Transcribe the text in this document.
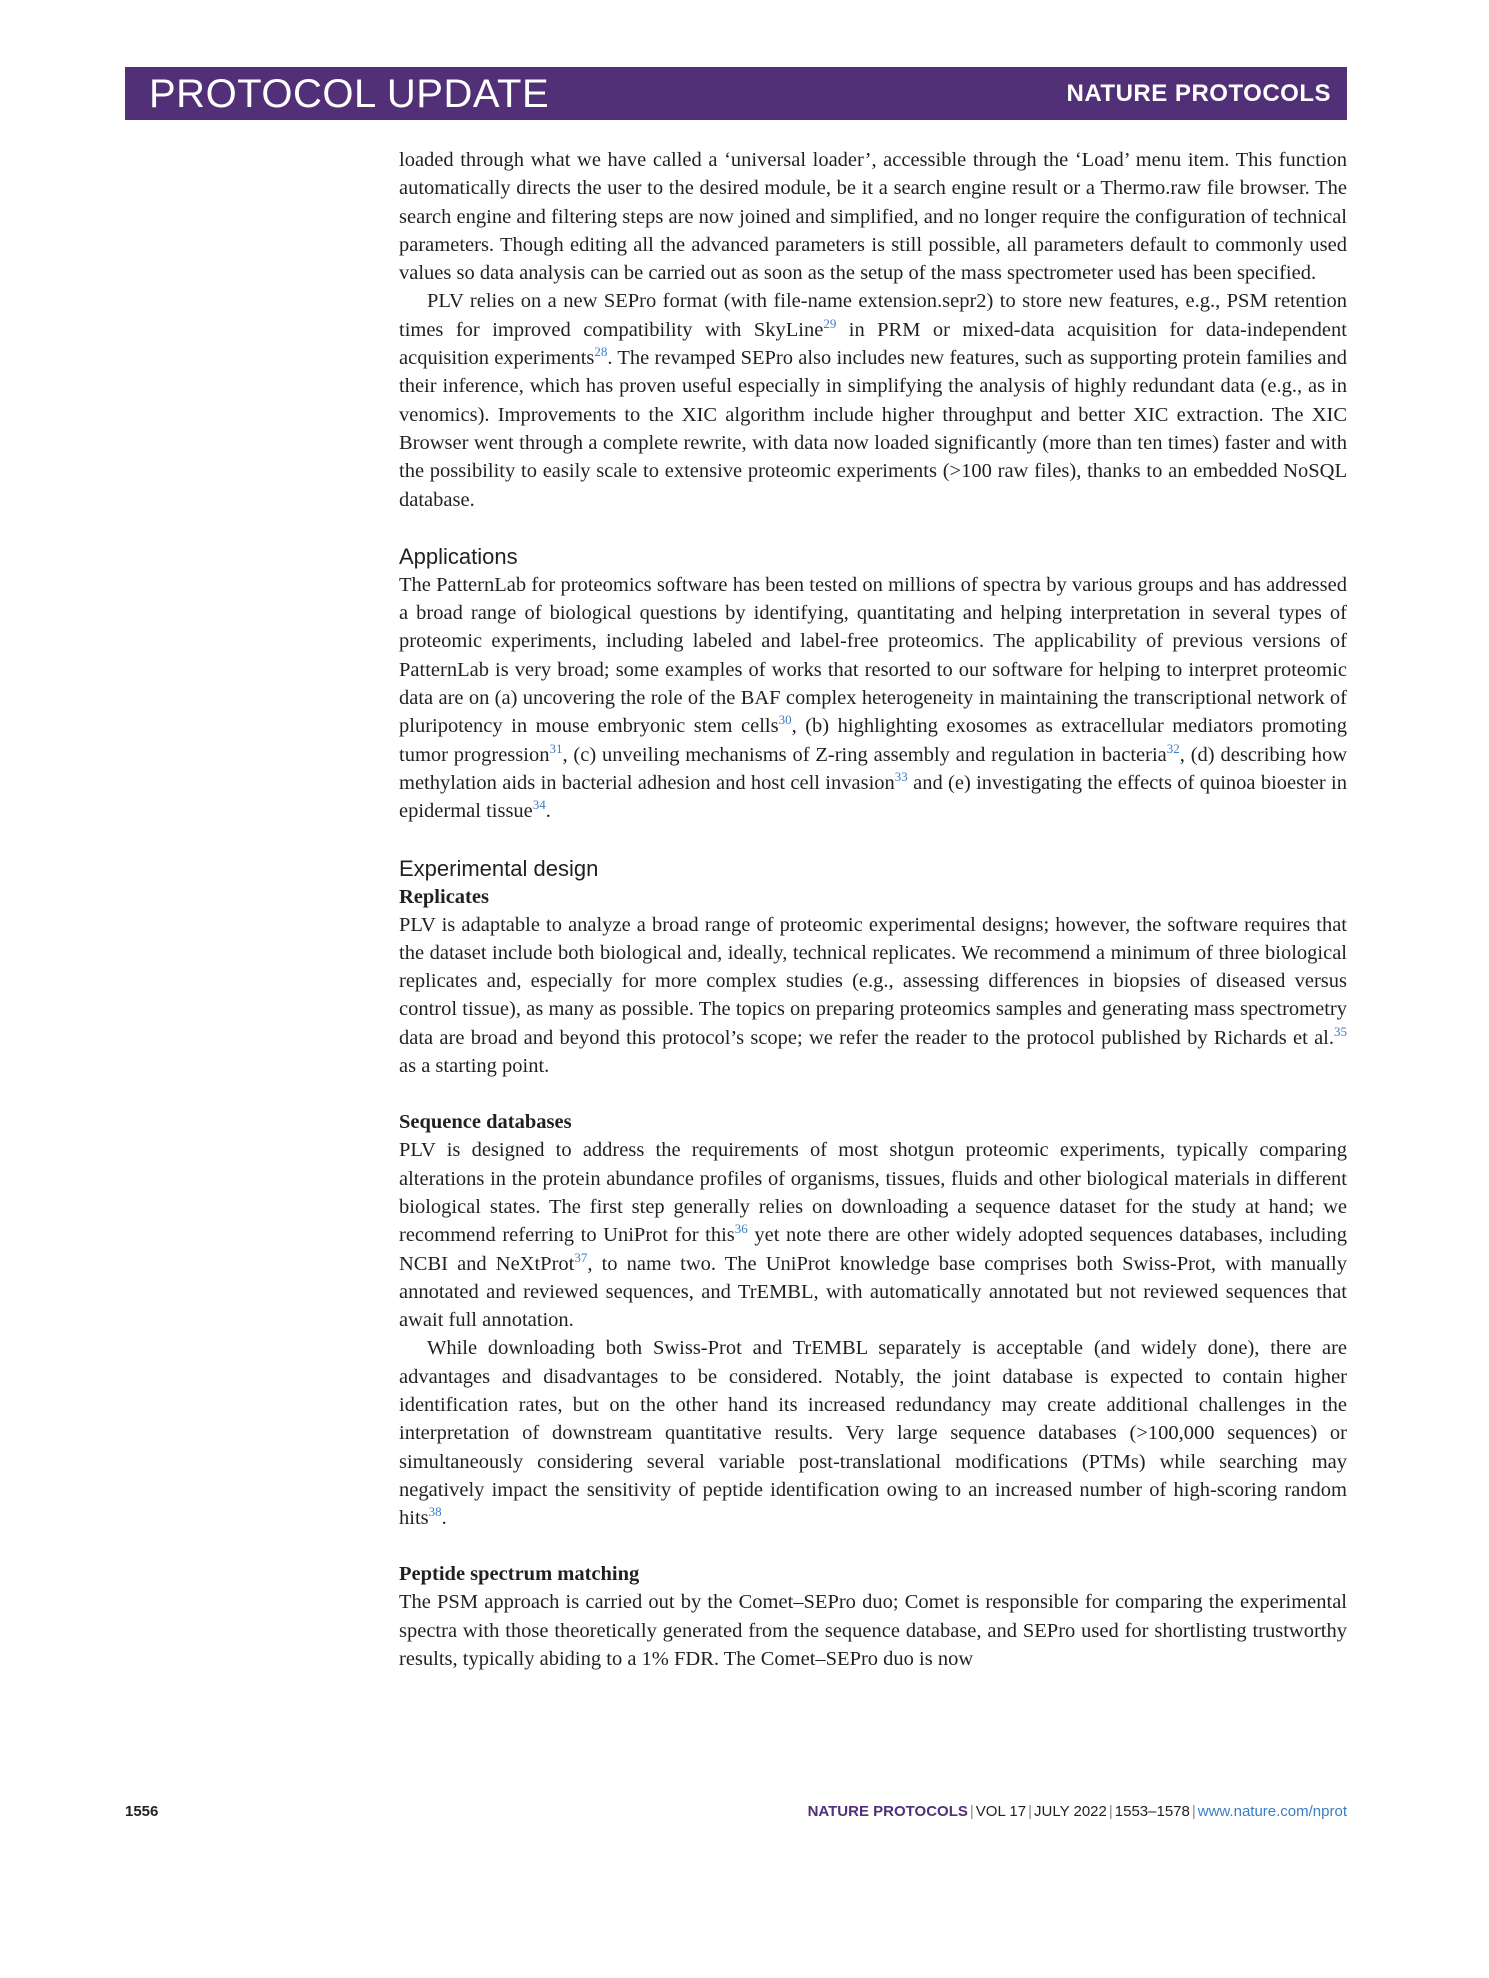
PROTOCOL UPDATE	NATURE PROTOCOLS

loaded through what we have called a ‘universal loader’, accessible through the ‘Load’ menu item. This function automatically directs the user to the desired module, be it a search engine result or a Thermo.raw file browser. The search engine and filtering steps are now joined and simplified, and no longer require the configuration of technical parameters. Though editing all the advanced parameters is still possible, all parameters default to commonly used values so data analysis can be carried out as soon as the setup of the mass spectrometer used has been specified.

PLV relies on a new SEPro format (with file-name extension.sepr2) to store new features, e.g., PSM retention times for improved compatibility with SkyLine$^{29}$ in PRM or mixed-data acquisition for data-independent acquisition experiments$^{28}$. The revamped SEPro also includes new features, such as supporting protein families and their inference, which has proven useful especially in simplifying the analysis of highly redundant data (e.g., as in venomics). Improvements to the XIC algorithm include higher throughput and better XIC extraction. The XIC Browser went through a complete rewrite, with data now loaded significantly (more than ten times) faster and with the possibility to easily scale to extensive proteomic experiments (>100 raw files), thanks to an embedded NoSQL database.

Applications

The PatternLab for proteomics software has been tested on millions of spectra by various groups and has addressed a broad range of biological questions by identifying, quantitating and helping interpretation in several types of proteomic experiments, including labeled and label-free proteomics. The applicability of previous versions of PatternLab is very broad; some examples of works that resorted to our software for helping to interpret proteomic data are on (a) uncovering the role of the BAF complex heterogeneity in maintaining the transcriptional network of pluripotency in mouse embryonic stem cells$^{30}$, (b) highlighting exosomes as extracellular mediators promoting tumor progression$^{31}$, (c) unveiling mechanisms of Z-ring assembly and regulation in bacteria$^{32}$, (d) describing how methylation aids in bacterial adhesion and host cell invasion$^{33}$ and (e) investigating the effects of quinoa bioester in epidermal tissue$^{34}$.

Experimental design
Replicates

PLV is adaptable to analyze a broad range of proteomic experimental designs; however, the software requires that the dataset include both biological and, ideally, technical replicates. We recommend a minimum of three biological replicates and, especially for more complex studies (e.g., assessing differences in biopsies of diseased versus control tissue), as many as possible. The topics on preparing proteomics samples and generating mass spectrometry data are broad and beyond this protocol’s scope; we refer the reader to the protocol published by Richards et al.$^{35}$ as a starting point.

Sequence databases

PLV is designed to address the requirements of most shotgun proteomic experiments, typically comparing alterations in the protein abundance profiles of organisms, tissues, fluids and other biological materials in different biological states. The first step generally relies on downloading a sequence dataset for the study at hand; we recommend referring to UniProt for this$^{36}$ yet note there are other widely adopted sequences databases, including NCBI and NeXtProt$^{37}$, to name two. The UniProt knowledge base comprises both Swiss-Prot, with manually annotated and reviewed sequences, and TrEMBL, with automatically annotated but not reviewed sequences that await full annotation.

While downloading both Swiss-Prot and TrEMBL separately is acceptable (and widely done), there are advantages and disadvantages to be considered. Notably, the joint database is expected to contain higher identification rates, but on the other hand its increased redundancy may create additional challenges in the interpretation of downstream quantitative results. Very large sequence databases (>100,000 sequences) or simultaneously considering several variable post-translational modifications (PTMs) while searching may negatively impact the sensitivity of peptide identification owing to an increased number of high-scoring random hits$^{38}$.

Peptide spectrum matching

The PSM approach is carried out by the Comet–SEPro duo; Comet is responsible for comparing the experimental spectra with those theoretically generated from the sequence database, and SEPro used for shortlisting trustworthy results, typically abiding to a 1% FDR. The Comet–SEPro duo is now

1556	NATURE PROTOCOLS | VOL 17 | JULY 2022 | 1553–1578 | www.nature.com/nprot
